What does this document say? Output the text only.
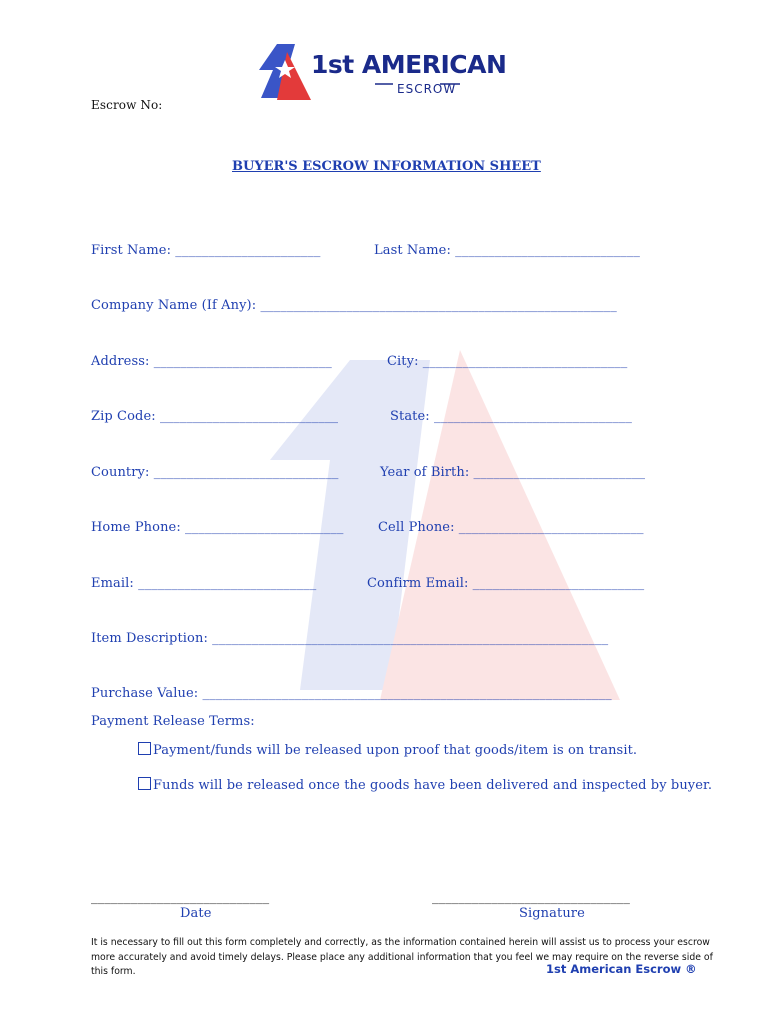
1st AMERICAN
ESCROW
Escrow No:
BUYER'S ESCROW INFORMATION SHEET
First Name: ______________________	Last Name: ____________________________
Company Name (If Any): ______________________________________________________
Address: ___________________________	City: _______________________________
Zip Code: ___________________________	State: ______________________________
Country: ____________________________	Year of Birth: __________________________
Home Phone: ________________________	Cell Phone: ____________________________
Email: ___________________________	Confirm Email: __________________________
Item Description: ____________________________________________________________
Purchase Value: ______________________________________________________________
Payment Release Terms:
Payment/funds will be released upon proof that goods/item is on transit.
Funds will be released once the goods have been delivered and inspected by buyer.
___________________________
Date
______________________________
Signature
It is necessary to fill out this form completely and correctly, as the information contained herein will assist us to process your escrow
more accurately and avoid timely delays. Please place any additional information that you feel we may require on the reverse side of
this form.	1st American Escrow ®
